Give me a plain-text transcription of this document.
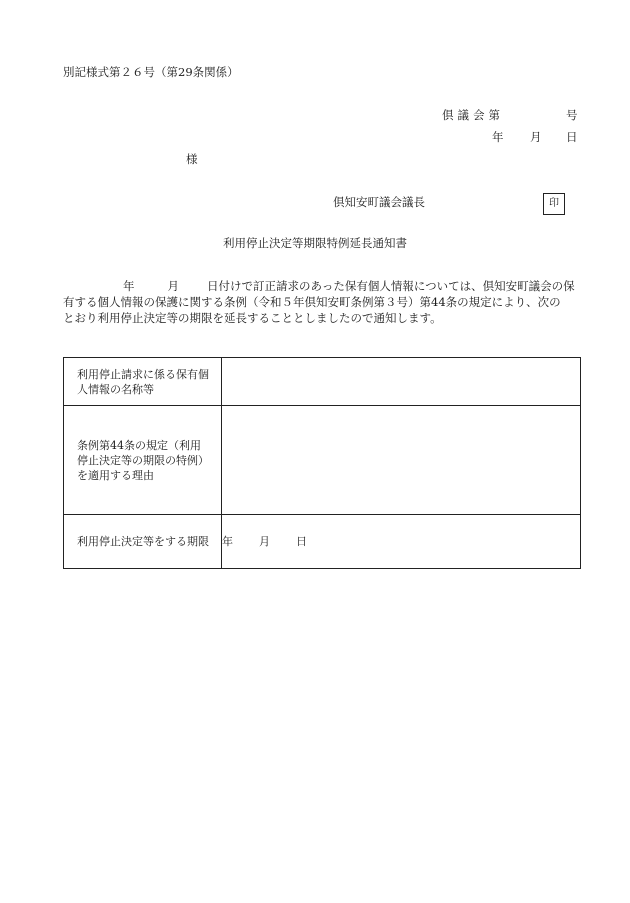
別記様式第２６号（第29条関係）
倶議会第	号
年 月 日
様
倶知安町議会議長	印
利用停止決定等期限特例延長通知書
年	月 日付けで訂正請求のあった保有個人情報については、倶知安町議会の保
有する個人情報の保護に関する条例（令和５年倶知安町条例第３号）第44条の規定により、次の
とおり利用停止決定等の期限を延長することとしましたので通知します。
利用停止請求に係る保有個人情報の名称等	
条例第44条の規定（利用停止決定等の期限の特例）を適用する理由	
利用停止決定等をする期限	年 月 日
